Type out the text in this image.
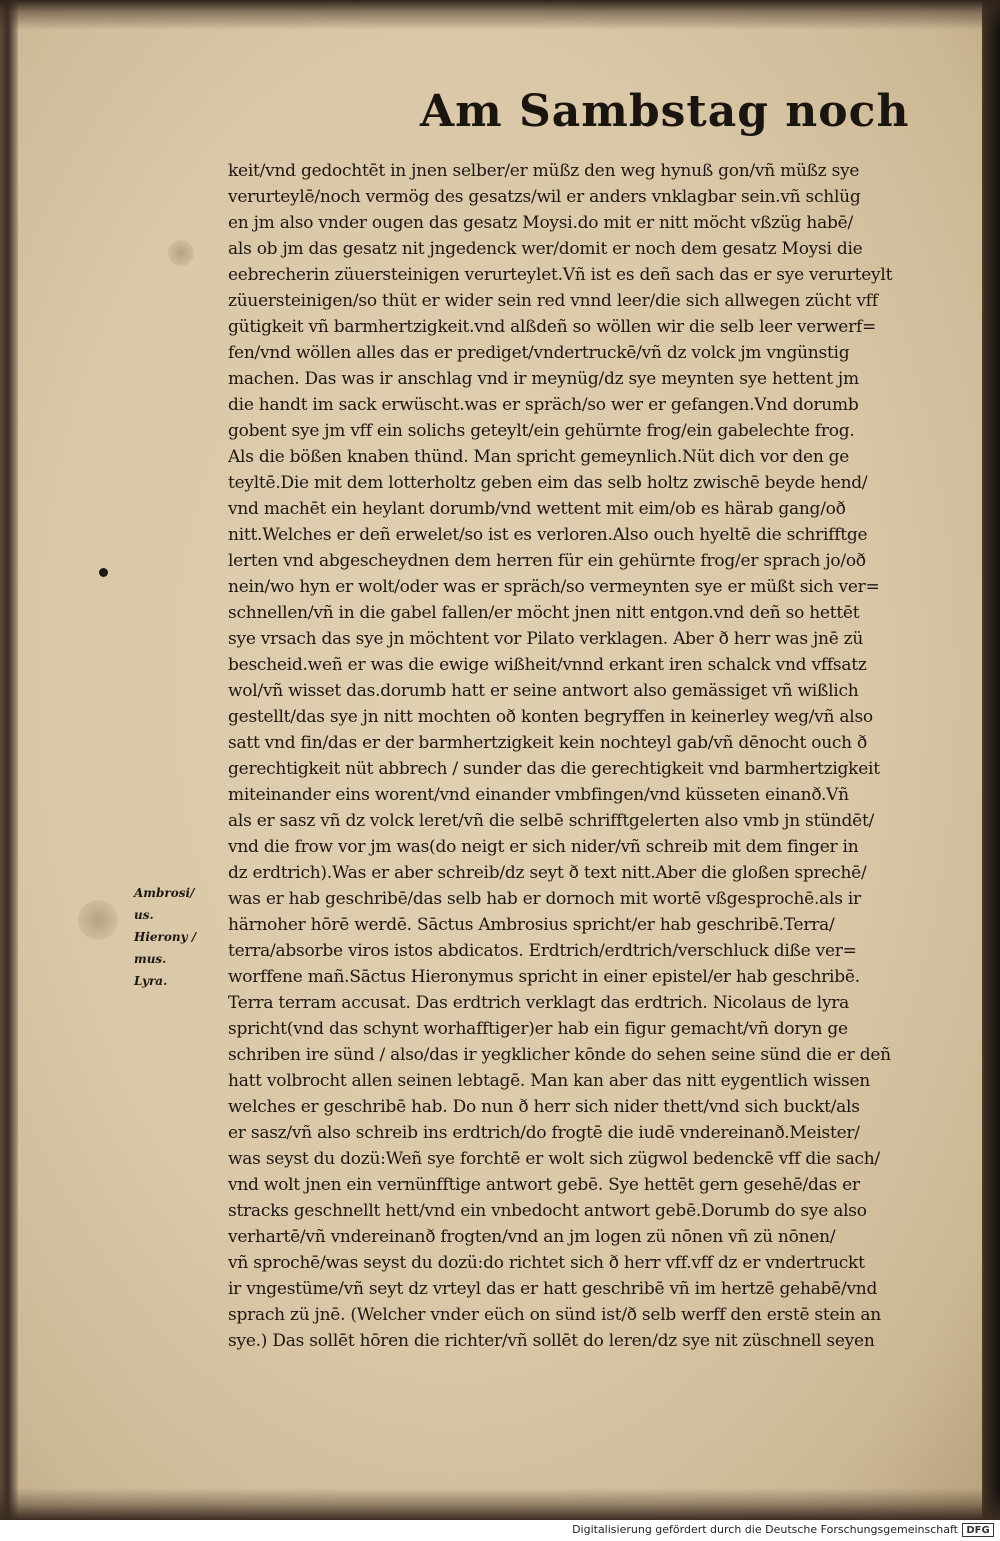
Am Sambstag noch
Ambrosi/
us.
Hierony /
mus.
Lyra.
keit/vnd gedochtēt in jnen selber/er müßz den weg hynuß gon/vñ müßz sye
verurteylē/noch vermög des gesatzs/wil er anders vnklagbar sein.vñ schlüg
en jm also vnder ougen das gesatz Moysi.do mit er nitt möcht vßzüg habē/
als ob jm das gesatz nit jngedenck wer/domit er noch dem gesatz Moysi die
eebrecherin züuersteinigen verurteylet.Vñ ist es deñ sach das er sye verurteylt
züuersteinigen/so thüt er wider sein red vnnd leer/die sich allwegen zücht vff
gütigkeit vñ barmhertzigkeit.vnd alßdeñ so wöllen wir die selb leer verwerf=
fen/vnd wöllen alles das er prediget/vndertruckē/vñ dz volck jm vngünstig
machen. Das was ir anschlag vnd ir meynüg/dz sye meynten sye hettent jm
die handt im sack erwüscht.was er spräch/so wer er gefangen.Vnd dorumb
gobent sye jm vff ein solichs geteylt/ein gehürnte frog/ein gabelechte frog.
Als die bößen knaben thünd. Man spricht gemeynlich.Nüt dich vor den ge
teyltē.Die mit dem lotterholtz geben eim das selb holtz zwischē beyde hend/
vnd machēt ein heylant dorumb/vnd wettent mit eim/ob es härab gang/oð
nitt.Welches er deñ erwelet/so ist es verloren.Also ouch hyeltē die schrifftge
lerten vnd abgescheydnen dem herren für ein gehürnte frog/er sprach jo/oð
nein/wo hyn er wolt/oder was er spräch/so vermeynten sye er müßt sich ver=
schnellen/vñ in die gabel fallen/er möcht jnen nitt entgon.vnd deñ so hettēt
sye vrsach das sye jn möchtent vor Pilato verklagen. Aber ð herr was jnē zü
bescheid.weñ er was die ewige wißheit/vnnd erkant iren schalck vnd vffsatz
wol/vñ wisset das.dorumb hatt er seine antwort also gemässiget vñ wißlich
gestellt/das sye jn nitt mochten oð konten begryffen in keinerley weg/vñ also
satt vnd fin/das er der barmhertzigkeit kein nochteyl gab/vñ dēnocht ouch ð
gerechtigkeit nüt abbrech / sunder das die gerechtigkeit vnd barmhertzigkeit
miteinander eins worent/vnd einander vmbfingen/vnd küsseten einanð.Vñ
als er sasz vñ dz volck leret/vñ die selbē schrifftgelerten also vmb jn stündēt/
vnd die frow vor jm was(do neigt er sich nider/vñ schreib mit dem finger in
dz erdtrich).Was er aber schreib/dz seyt ð text nitt.Aber die gloßen sprechē/
was er hab geschribē/das selb hab er dornoch mit wortē vßgesprochē.als ir
härnoher hōrē werdē. Sāctus Ambrosius spricht/er hab geschribē.Terra/
terra/absorbe viros istos abdicatos. Erdtrich/erdtrich/verschluck diße ver=
worffene mañ.Sāctus Hieronymus spricht in einer epistel/er hab geschribē.
Terra terram accusat. Das erdtrich verklagt das erdtrich. Nicolaus de lyra
spricht(vnd das schynt worhafftiger)er hab ein figur gemacht/vñ doryn ge
schriben ire sünd / also/das ir yegklicher kōnde do sehen seine sünd die er deñ
hatt volbrocht allen seinen lebtagē. Man kan aber das nitt eygentlich wissen
welches er geschribē hab. Do nun ð herr sich nider thett/vnd sich buckt/als
er sasz/vñ also schreib ins erdtrich/do frogtē die iudē vndereinanð.Meister/
was seyst du dozü:Weñ sye forchtē er wolt sich zügwol bedenckē vff die sach/
vnd wolt jnen ein vernünfftige antwort gebē. Sye hettēt gern gesehē/das er
stracks geschnellt hett/vnd ein vnbedocht antwort gebē.Dorumb do sye also
verhartē/vñ vndereinanð frogten/vnd an jm logen zü nōnen vñ zü nōnen/
vñ sprochē/was seyst du dozü:do richtet sich ð herr vff.vff dz er vndertruckt
ir vngestüme/vñ seyt dz vrteyl das er hatt geschribē vñ im hertzē gehabē/vnd
sprach zü jnē. (Welcher vnder eüch on sünd ist/ð selb werff den erstē stein an
sye.) Das sollēt hōren die richter/vñ sollēt do leren/dz sye nit züschnell seyen
Digitalisierung gefördert durch die Deutsche Forschungsgemeinschaft DFG
